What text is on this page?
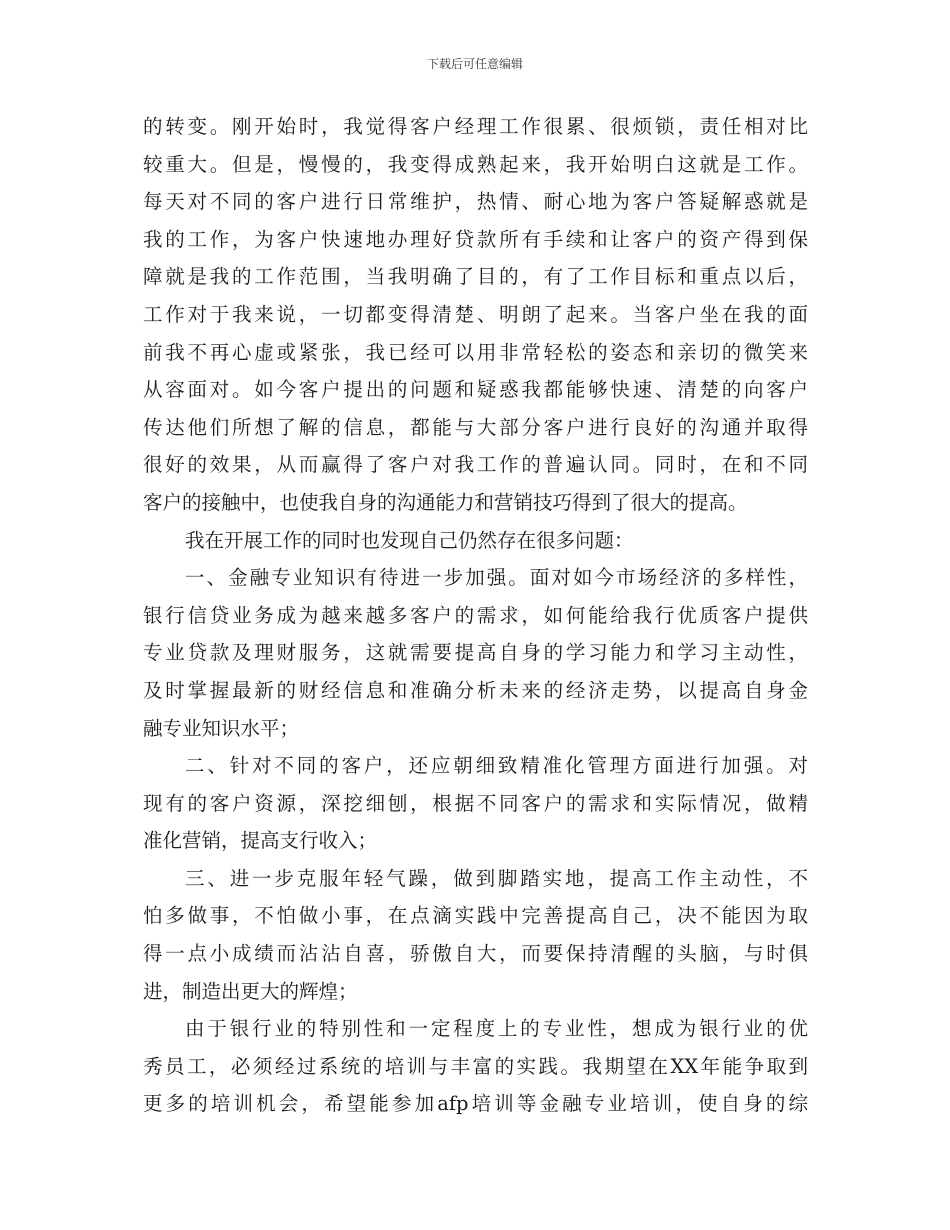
下载后可任意编辑
的转变。刚开始时，我觉得客户经理工作很累、很烦锁，责任相对比
较重大。但是，慢慢的，我变得成熟起来，我开始明白这就是工作。
每天对不同的客户进行日常维护，热情、耐心地为客户答疑解惑就是
我的工作，为客户快速地办理好贷款所有手续和让客户的资产得到保
障就是我的工作范围，当我明确了目的，有了工作目标和重点以后，
工作对于我来说，一切都变得清楚、明朗了起来。当客户坐在我的面
前我不再心虚或紧张，我已经可以用非常轻松的姿态和亲切的微笑来
从容面对。如今客户提出的问题和疑惑我都能够快速、清楚的向客户
传达他们所想了解的信息，都能与大部分客户进行良好的沟通并取得
很好的效果，从而赢得了客户对我工作的普遍认同。同时，在和不同
客户的接触中，也使我自身的沟通能力和营销技巧得到了很大的提高。
我在开展工作的同时也发现自己仍然存在很多问题：
一、金融专业知识有待进一步加强。面对如今市场经济的多样性，
银行信贷业务成为越来越多客户的需求，如何能给我行优质客户提供
专业贷款及理财服务，这就需要提高自身的学习能力和学习主动性，
及时掌握最新的财经信息和准确分析未来的经济走势，以提高自身金
融专业知识水平；
二、针对不同的客户，还应朝细致精准化管理方面进行加强。对
现有的客户资源，深挖细刨，根据不同客户的需求和实际情况，做精
准化营销，提高支行收入；
三、进一步克服年轻气躁，做到脚踏实地，提高工作主动性，不
怕多做事，不怕做小事，在点滴实践中完善提高自己，决不能因为取
得一点小成绩而沾沾自喜，骄傲自大，而要保持清醒的头脑，与时俱
进，制造出更大的辉煌；
由于银行业的特别性和一定程度上的专业性，想成为银行业的优
秀员工，必须经过系统的培训与丰富的实践。我期望在XX年能争取到
更多的培训机会，希望能参加afp培训等金融专业培训，使自身的综
